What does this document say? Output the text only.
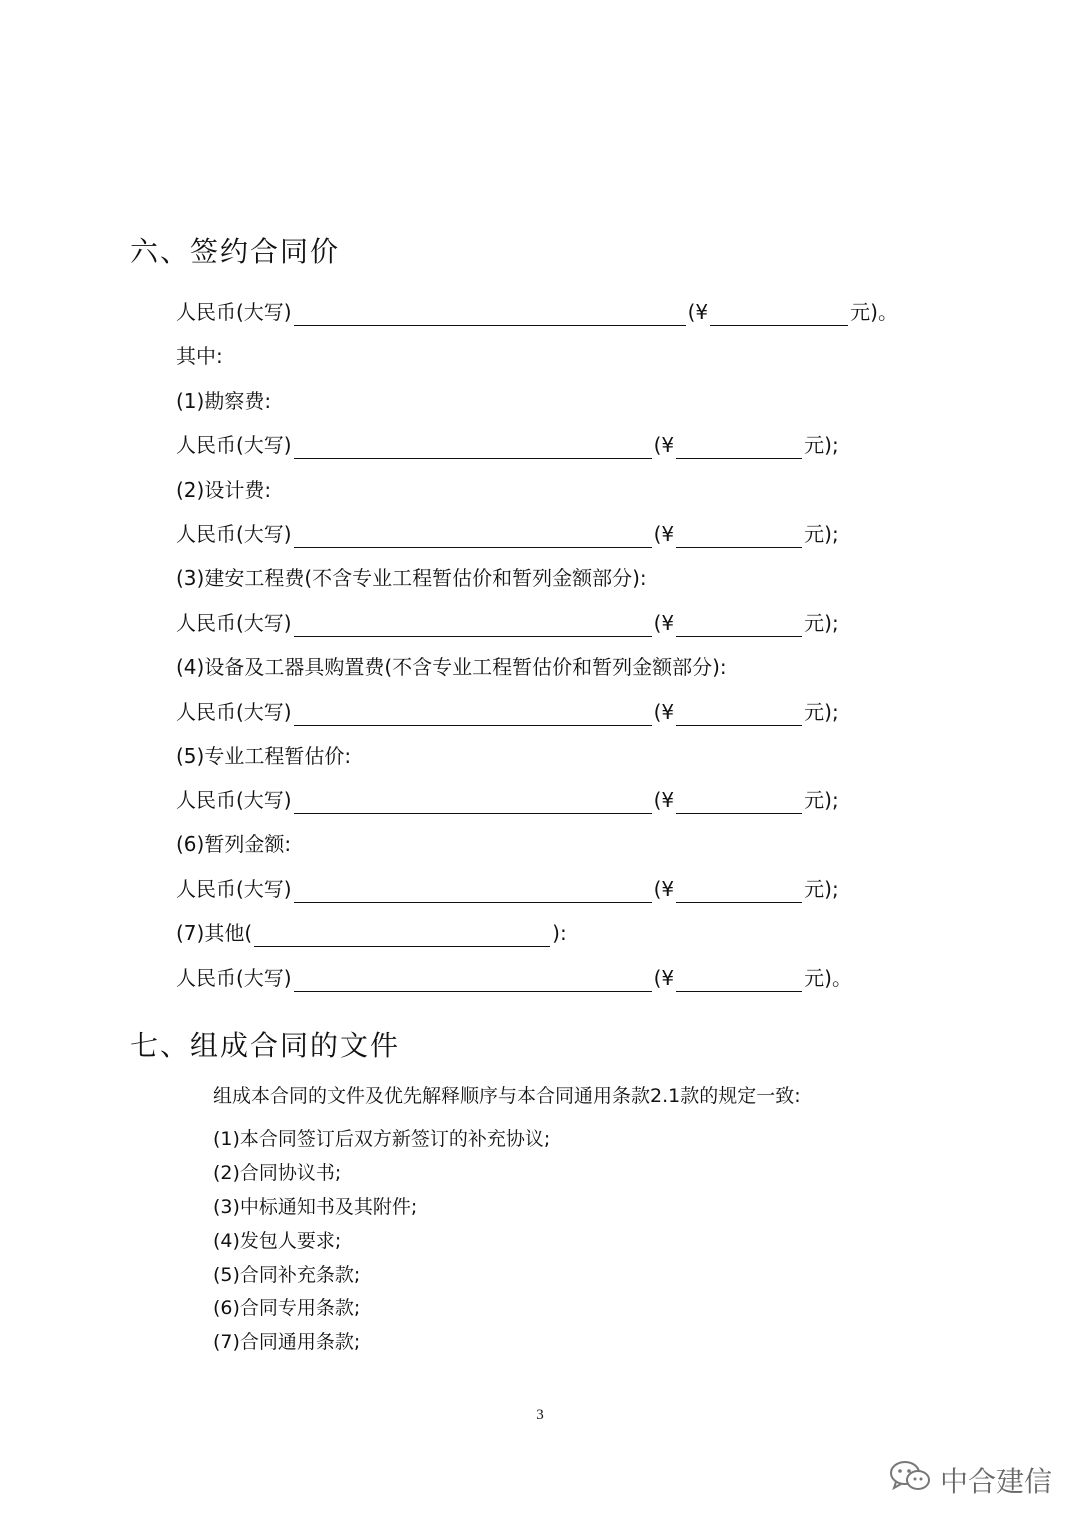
六、签约合同价
人民币(大写)	(¥	元)。
其中:
(1)勘察费:
人民币(大写)	(¥	元);
(2)设计费:
人民币(大写)	(¥	元);
(3)建安工程费(不含专业工程暂估价和暂列金额部分):
人民币(大写)	(¥	元);
(4)设备及工器具购置费(不含专业工程暂估价和暂列金额部分):
人民币(大写)	(¥	元);
(5)专业工程暂估价:
人民币(大写)	(¥	元);
(6)暂列金额:
人民币(大写)	(¥	元);
(7)其他(	):
人民币(大写)	(¥	元)。
七、组成合同的文件
组成本合同的文件及优先解释顺序与本合同通用条款2.1款的规定一致:
(1)本合同签订后双方新签订的补充协议;
(2)合同协议书;
(3)中标通知书及其附件;
(4)发包人要求;
(5)合同补充条款;
(6)合同专用条款;
(7)合同通用条款;
3
中合建信
